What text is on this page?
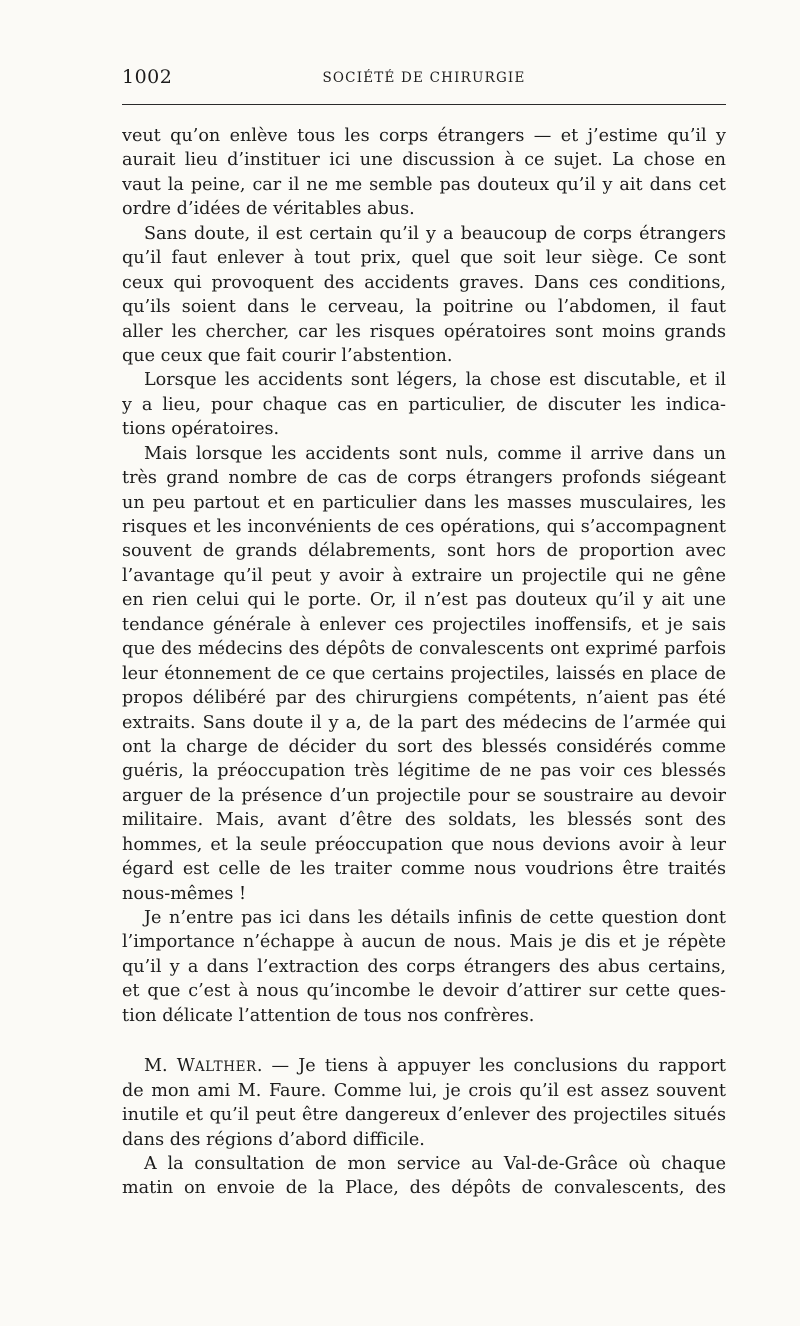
1002	SOCIÉTÉ DE CHIRURGIE
veut qu’on enlève tous les corps étrangers — et j’estime qu’il y
aurait lieu d’instituer ici une discussion à ce sujet. La chose en
vaut la peine, car il ne me semble pas douteux qu’il y ait dans cet
ordre d’idées de véritables abus.
Sans doute, il est certain qu’il y a beaucoup de corps étrangers
qu’il faut enlever à tout prix, quel que soit leur siège. Ce sont
ceux qui provoquent des accidents graves. Dans ces conditions,
qu’ils soient dans le cerveau, la poitrine ou l’abdomen, il faut
aller les chercher, car les risques opératoires sont moins grands
que ceux que fait courir l’abstention.
Lorsque les accidents sont légers, la chose est discutable, et il
y a lieu, pour chaque cas en particulier, de discuter les indica-
tions opératoires.
Mais lorsque les accidents sont nuls, comme il arrive dans un
très grand nombre de cas de corps étrangers profonds siégeant
un peu partout et en particulier dans les masses musculaires, les
risques et les inconvénients de ces opérations, qui s’accompagnent
souvent de grands délabrements, sont hors de proportion avec
l’avantage qu’il peut y avoir à extraire un projectile qui ne gêne
en rien celui qui le porte. Or, il n’est pas douteux qu’il y ait une
tendance générale à enlever ces projectiles inoffensifs, et je sais
que des médecins des dépôts de convalescents ont exprimé parfois
leur étonnement de ce que certains projectiles, laissés en place de
propos délibéré par des chirurgiens compétents, n’aient pas été
extraits. Sans doute il y a, de la part des médecins de l’armée qui
ont la charge de décider du sort des blessés considérés comme
guéris, la préoccupation très légitime de ne pas voir ces blessés
arguer de la présence d’un projectile pour se soustraire au devoir
militaire. Mais, avant d’être des soldats, les blessés sont des
hommes, et la seule préoccupation que nous devions avoir à leur
égard est celle de les traiter comme nous voudrions être traités
nous-mêmes !
Je n’entre pas ici dans les détails infinis de cette question dont
l’importance n’échappe à aucun de nous. Mais je dis et je répète
qu’il y a dans l’extraction des corps étrangers des abus certains,
et que c’est à nous qu’incombe le devoir d’attirer sur cette ques-
tion délicate l’attention de tous nos confrères.
M. WALTHER. — Je tiens à appuyer les conclusions du rapport
de mon ami M. Faure. Comme lui, je crois qu’il est assez souvent
inutile et qu’il peut être dangereux d’enlever des projectiles situés
dans des régions d’abord difficile.
A la consultation de mon service au Val-de-Grâce où chaque
matin on envoie de la Place, des dépôts de convalescents, des
